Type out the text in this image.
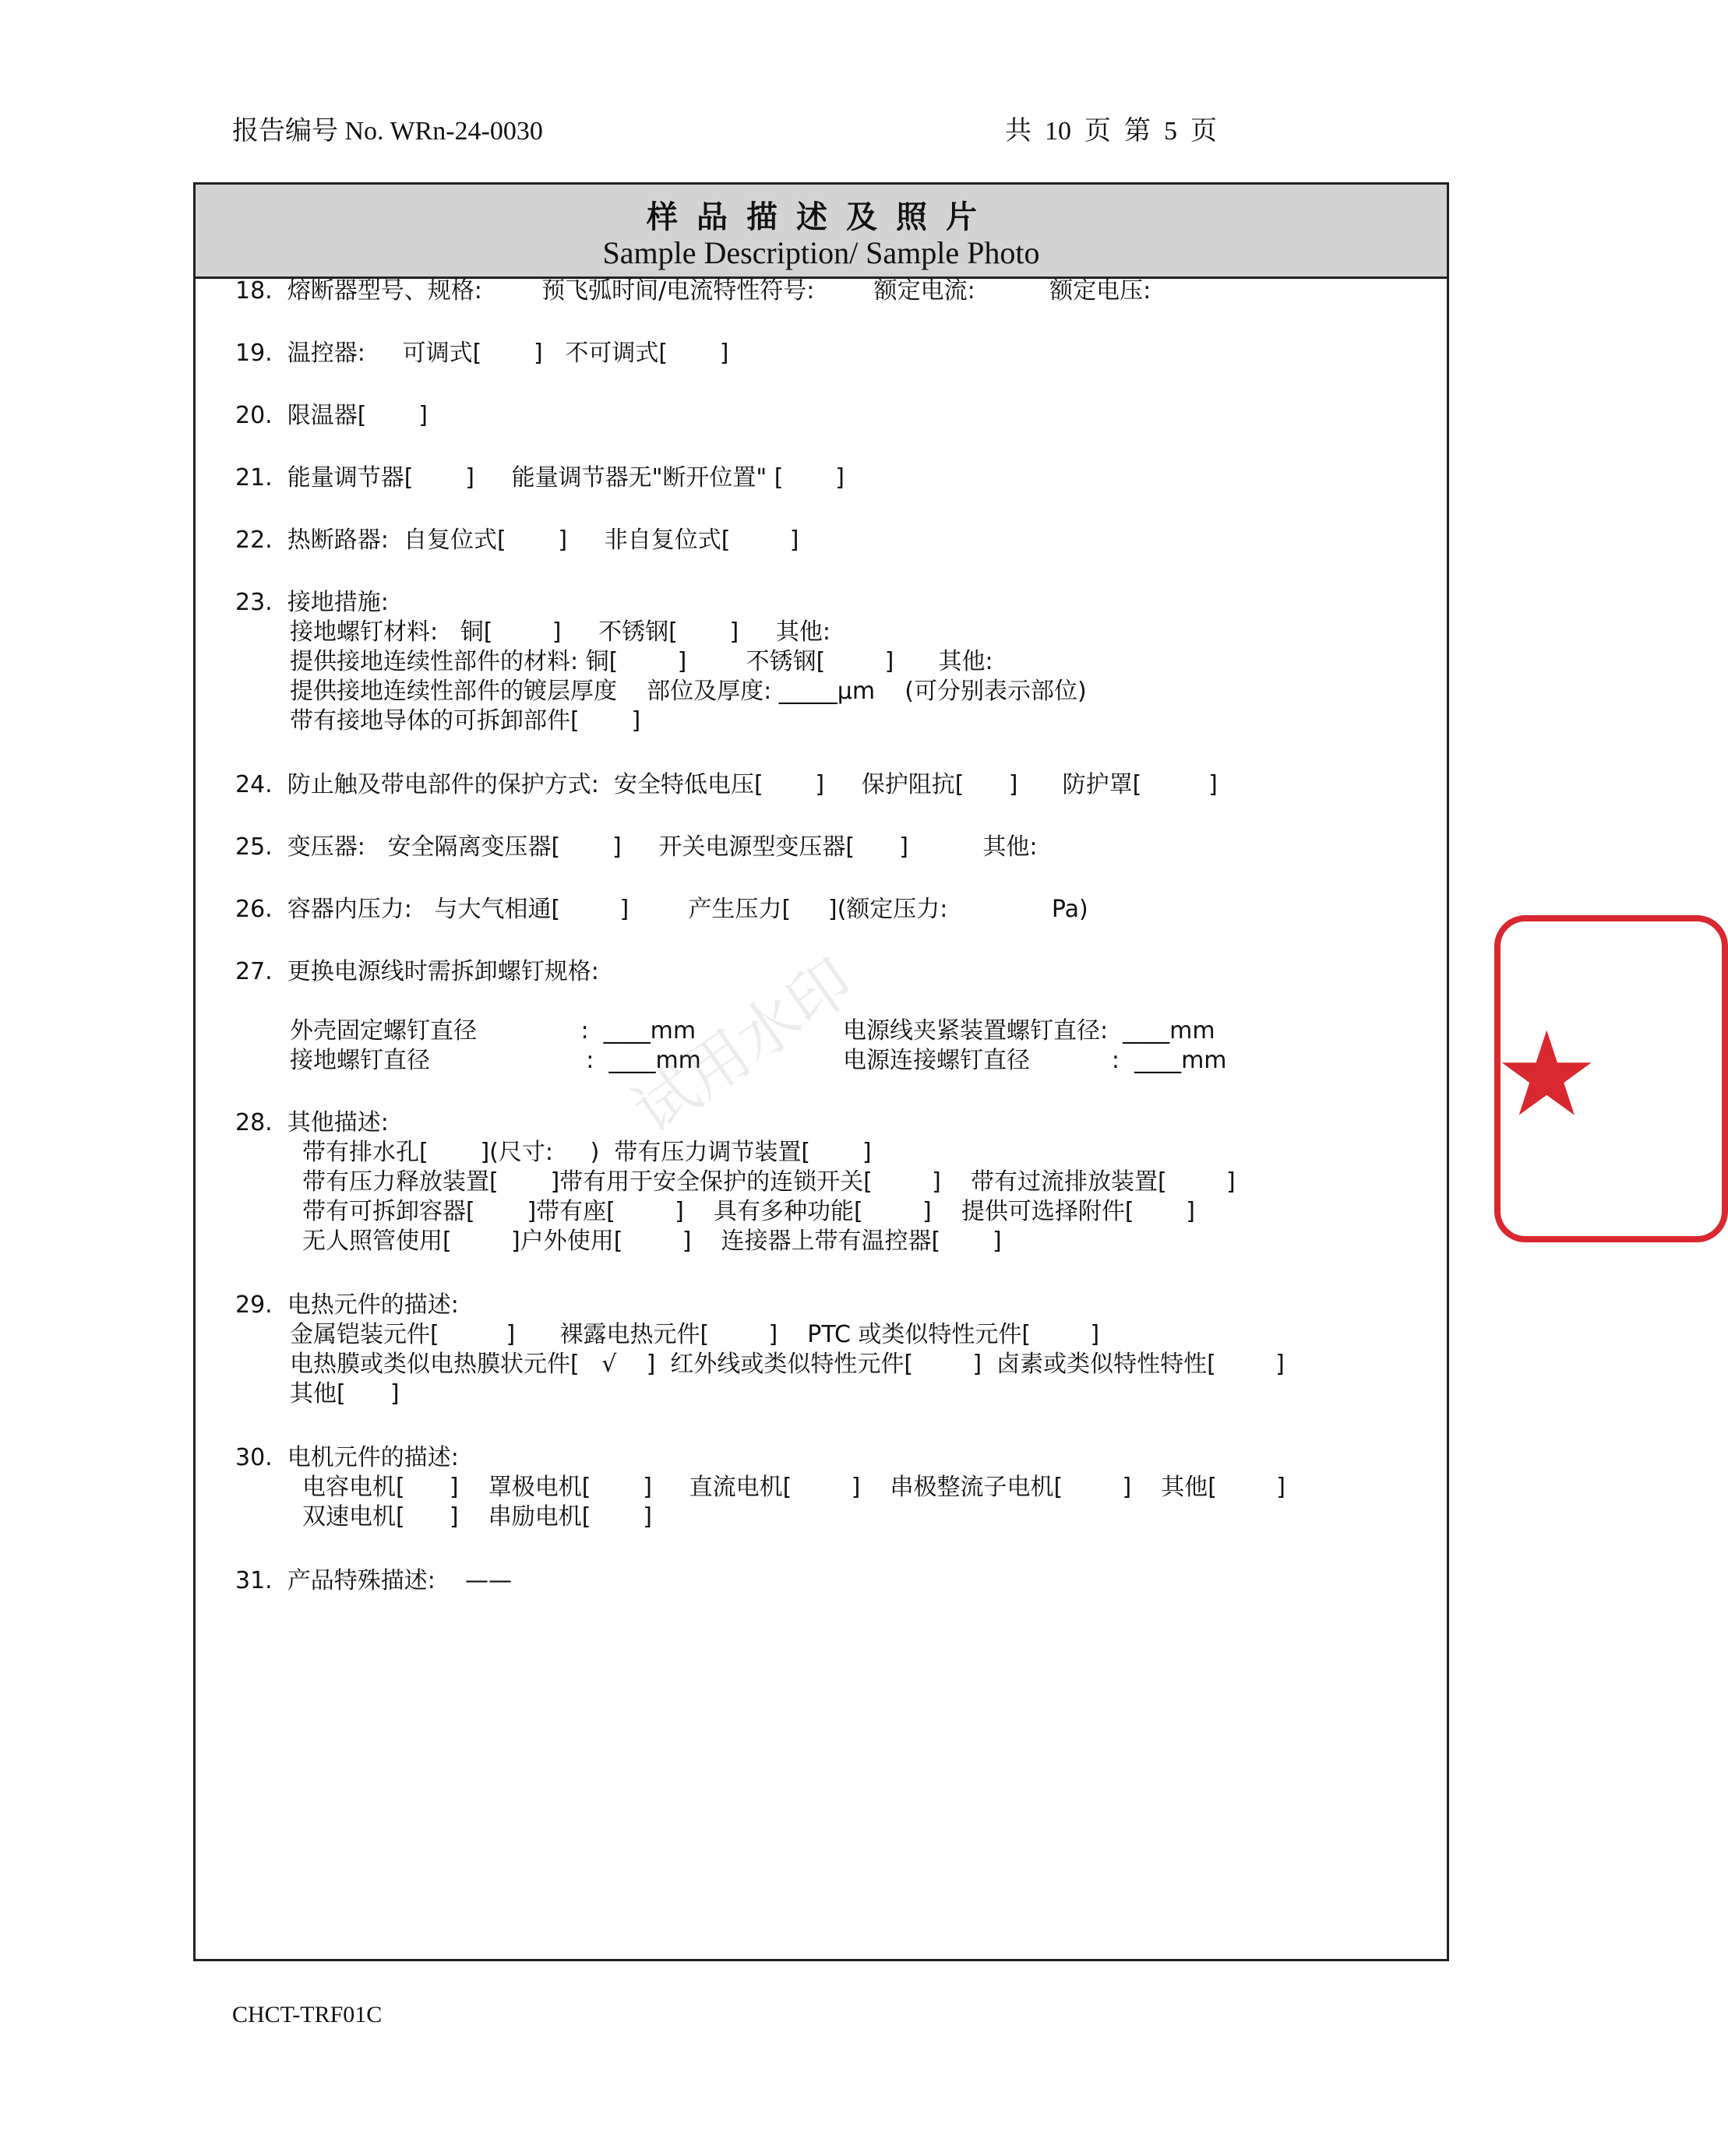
报告编号 No. WRn-24-0030	共  10  页  第  5  页
样品描述及照片
Sample Description/ Sample Photo
18.  熔断器型号、规格:        预飞弧时间/电流特性符号:        额定电流:          额定电压:
19.  温控器:     可调式[       ]   不可调式[       ]
20.  限温器[       ]
21.  能量调节器[       ]     能量调节器无"断开位置" [       ]
22.  热断路器:  自复位式[       ]     非自复位式[        ]
23.  接地措施:
接地螺钉材料:   铜[        ]     不锈钢[       ]     其他:
提供接地连续性部件的材料: 铜[        ]        不锈钢[        ]      其他:
提供接地连续性部件的镀层厚度    部位及厚度: _____μm    (可分别表示部位)
带有接地导体的可拆卸部件[       ]
24.  防止触及带电部件的保护方式:  安全特低电压[       ]     保护阻抗[      ]      防护罩[         ]
25.  变压器:   安全隔离变压器[       ]     开关电源型变压器[      ]          其他:
26.  容器内压力:   与大气相通[        ]        产生压力[     ](额定压力:              Pa)
27.  更换电源线时需拆卸螺钉规格:
外壳固定螺钉直径              :  ____mm	电源线夹紧装置螺钉直径:  ____mm
接地螺钉直径                     :  ____mm	电源连接螺钉直径           :  ____mm
28.  其他描述:
带有排水孔[       ](尺寸:     )  带有压力调节装置[       ]
带有压力释放装置[       ]带有用于安全保护的连锁开关[        ]    带有过流排放装置[        ]
带有可拆卸容器[       ]带有座[        ]    具有多种功能[        ]    提供可选择附件[       ]
无人照管使用[        ]户外使用[        ]    连接器上带有温控器[       ]
29.  电热元件的描述:
金属铠装元件[         ]      裸露电热元件[        ]    PTC 或类似特性元件[        ]
电热膜或类似电热膜状元件[   √    ]  红外线或类似特性元件[        ]  卤素或类似特性特性[        ]
其他[      ]
30.  电机元件的描述:
电容电机[      ]    罩极电机[       ]     直流电机[        ]    串极整流子电机[        ]    其他[        ]
双速电机[      ]    串励电机[       ]
31.  产品特殊描述:    ——
试用水印	★
CHCT-TRF01C
